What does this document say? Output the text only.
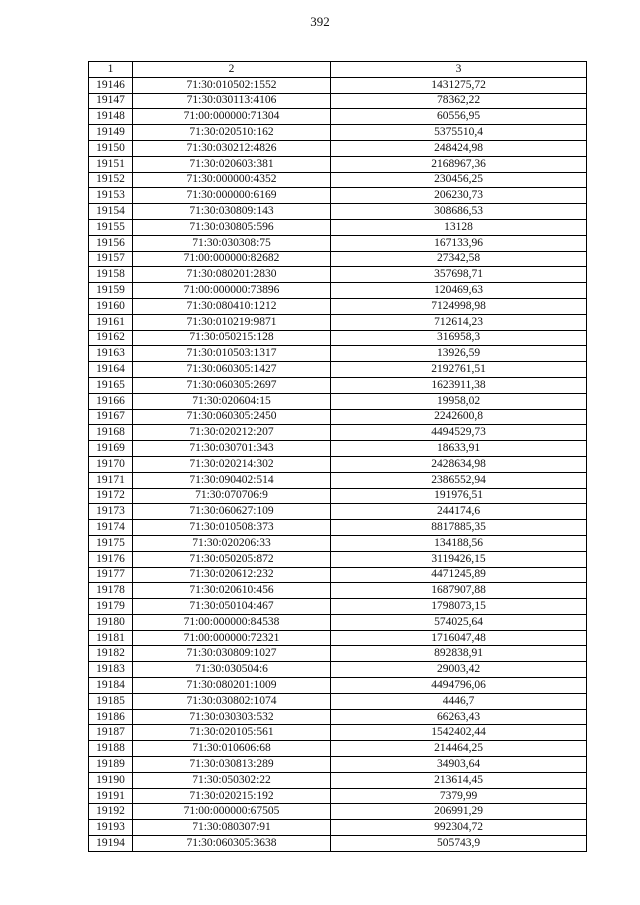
392
1	2	3
19146	71:30:010502:1552	1431275,72
19147	71:30:030113:4106	78362,22
19148	71:00:000000:71304	60556,95
19149	71:30:020510:162	5375510,4
19150	71:30:030212:4826	248424,98
19151	71:30:020603:381	2168967,36
19152	71:30:000000:4352	230456,25
19153	71:30:000000:6169	206230,73
19154	71:30:030809:143	308686,53
19155	71:30:030805:596	13128
19156	71:30:030308:75	167133,96
19157	71:00:000000:82682	27342,58
19158	71:30:080201:2830	357698,71
19159	71:00:000000:73896	120469,63
19160	71:30:080410:1212	7124998,98
19161	71:30:010219:9871	712614,23
19162	71:30:050215:128	316958,3
19163	71:30:010503:1317	13926,59
19164	71:30:060305:1427	2192761,51
19165	71:30:060305:2697	1623911,38
19166	71:30:020604:15	19958,02
19167	71:30:060305:2450	2242600,8
19168	71:30:020212:207	4494529,73
19169	71:30:030701:343	18633,91
19170	71:30:020214:302	2428634,98
19171	71:30:090402:514	2386552,94
19172	71:30:070706:9	191976,51
19173	71:30:060627:109	244174,6
19174	71:30:010508:373	8817885,35
19175	71:30:020206:33	134188,56
19176	71:30:050205:872	3119426,15
19177	71:30:020612:232	4471245,89
19178	71:30:020610:456	1687907,88
19179	71:30:050104:467	1798073,15
19180	71:00:000000:84538	574025,64
19181	71:00:000000:72321	1716047,48
19182	71:30:030809:1027	892838,91
19183	71:30:030504:6	29003,42
19184	71:30:080201:1009	4494796,06
19185	71:30:030802:1074	4446,7
19186	71:30:030303:532	66263,43
19187	71:30:020105:561	1542402,44
19188	71:30:010606:68	214464,25
19189	71:30:030813:289	34903,64
19190	71:30:050302:22	213614,45
19191	71:30:020215:192	7379,99
19192	71:00:000000:67505	206991,29
19193	71:30:080307:91	992304,72
19194	71:30:060305:3638	505743,9
